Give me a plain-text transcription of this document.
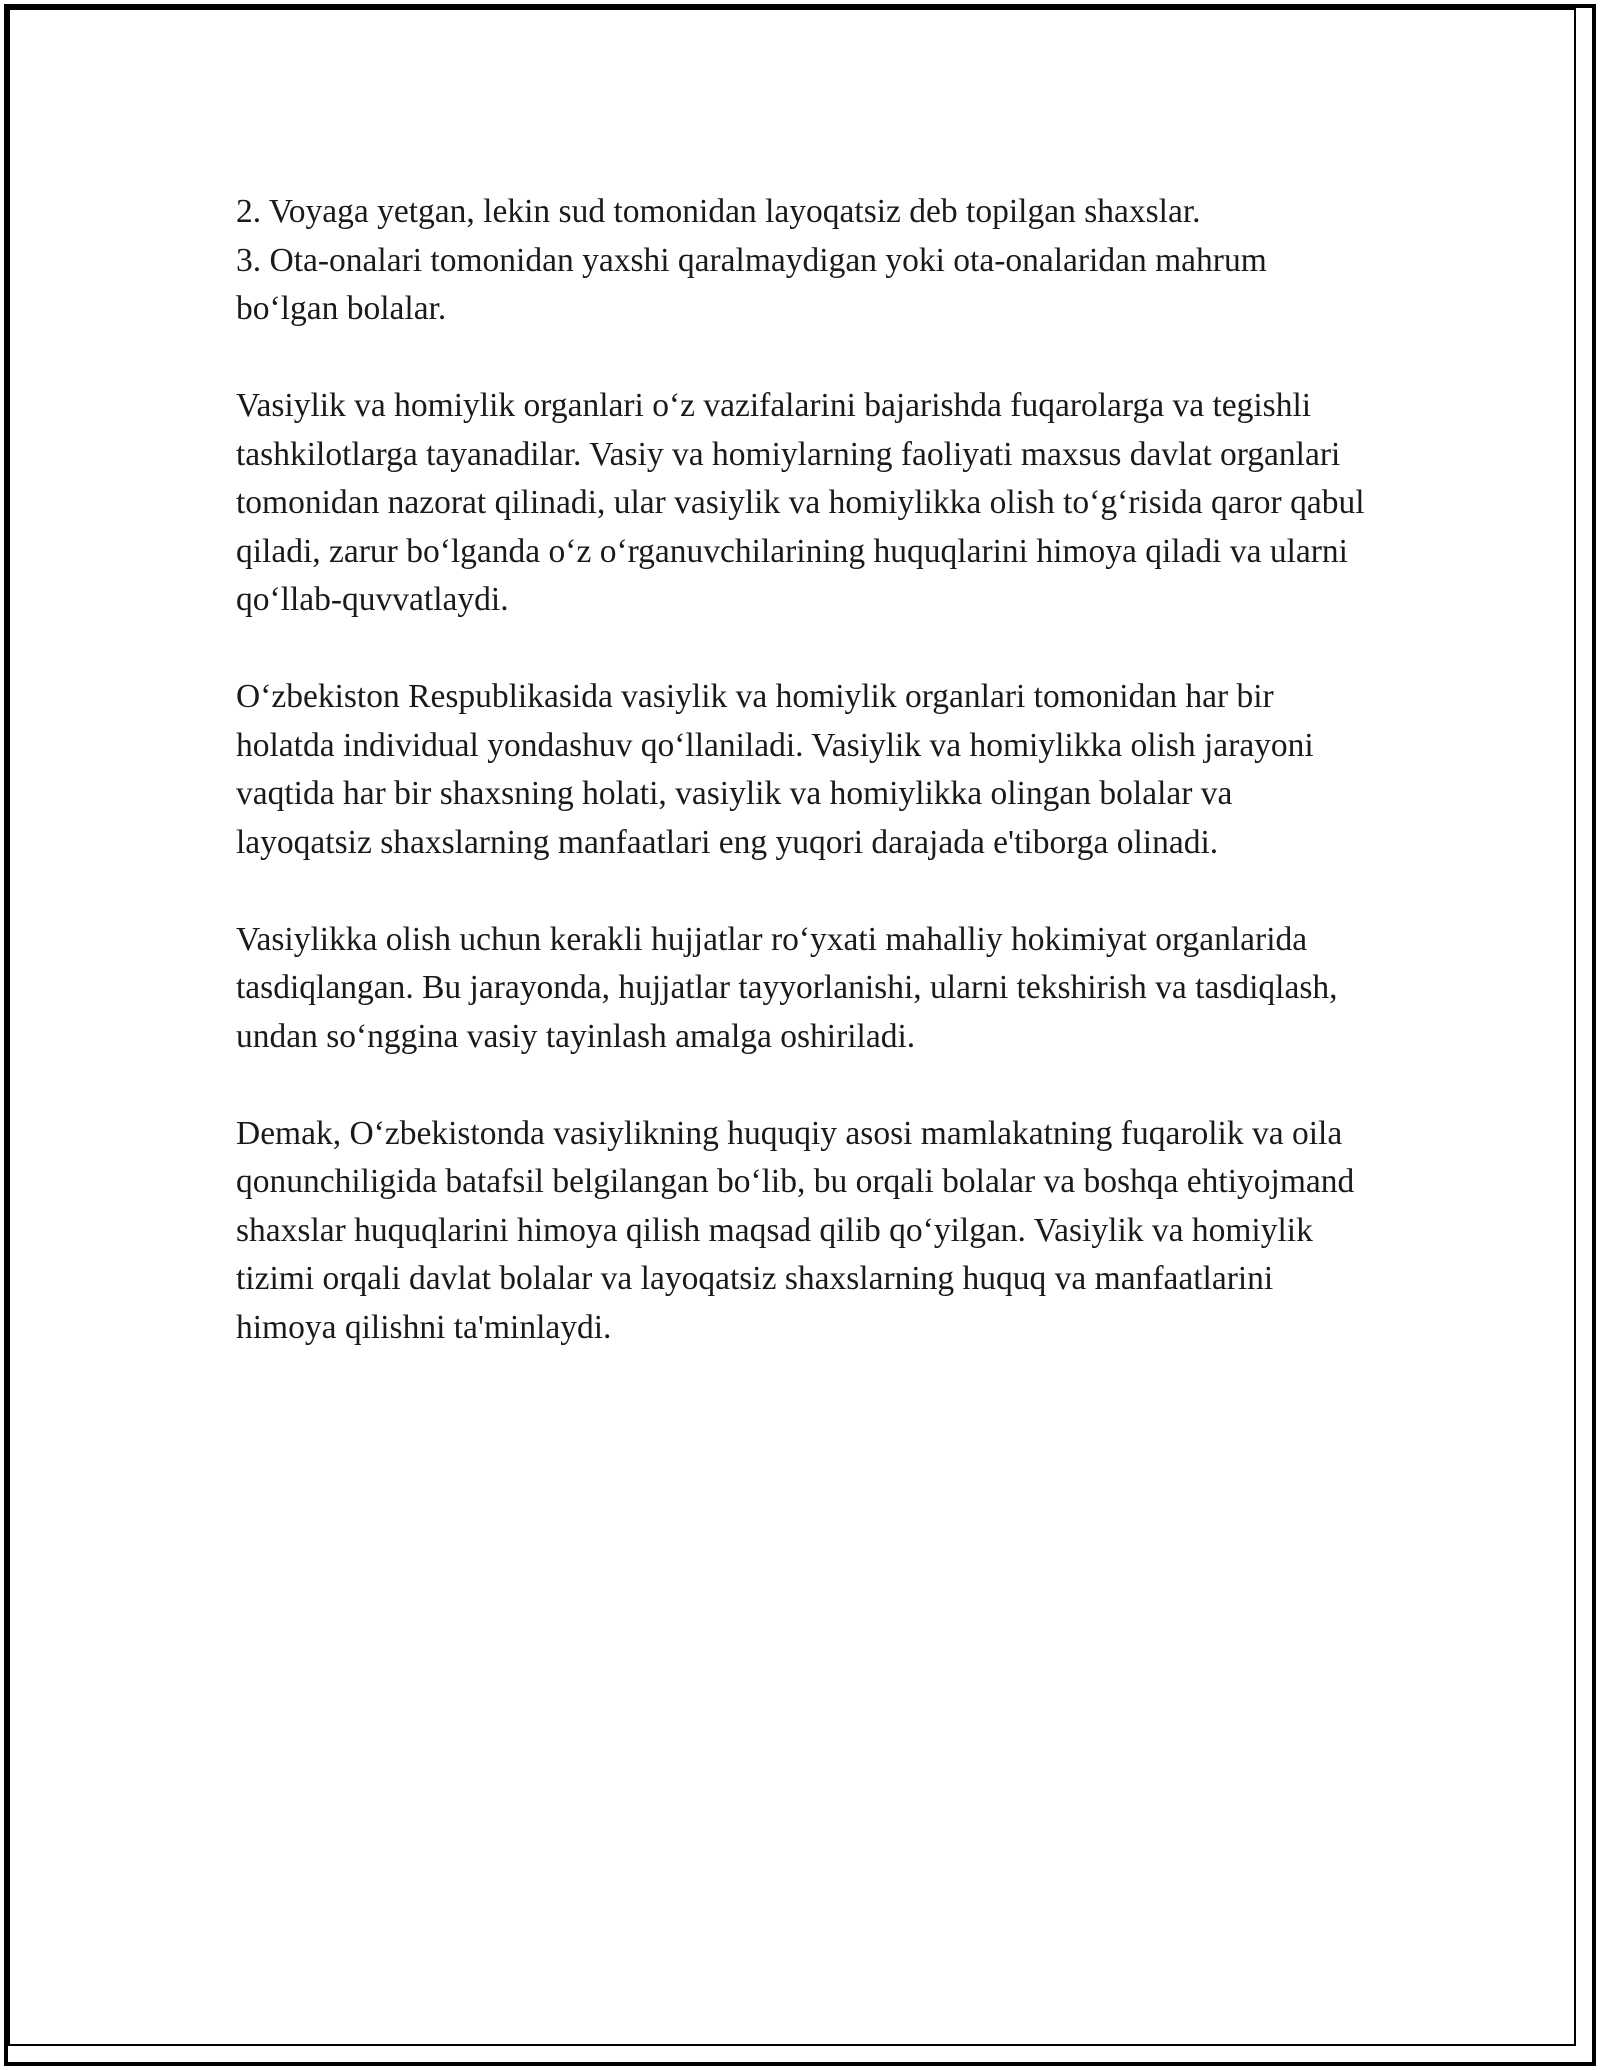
2. Voyaga yetgan, lekin sud tomonidan layoqatsiz deb topilgan shaxslar.

3. Ota-onalari tomonidan yaxshi qaralmaydigan yoki ota-onalaridan mahrum bo‘lgan bolalar.

Vasiylik va homiylik organlari o‘z vazifalarini bajarishda fuqarolarga va tegishli tashkilotlarga tayanadilar. Vasiy va homiylarning faoliyati maxsus davlat organlari tomonidan nazorat qilinadi, ular vasiylik va homiylikka olish to‘g‘risida qaror qabul qiladi, zarur bo‘lganda o‘z o‘rganuvchilarining huquqlarini himoya qiladi va ularni qo‘llab-quvvatlaydi.

O‘zbekiston Respublikasida vasiylik va homiylik organlari tomonidan har bir holatda individual yondashuv qo‘llaniladi. Vasiylik va homiylikka olish jarayoni vaqtida har bir shaxsning holati, vasiylik va homiylikka olingan bolalar va layoqatsiz shaxslarning manfaatlari eng yuqori darajada e'tiborga olinadi.

Vasiylikka olish uchun kerakli hujjatlar ro‘yxati mahalliy hokimiyat organlarida tasdiqlangan. Bu jarayonda, hujjatlar tayyorlanishi, ularni tekshirish va tasdiqlash, undan so‘nggina vasiy tayinlash amalga oshiriladi.

Demak, O‘zbekistonda vasiylikning huquqiy asosi mamlakatning fuqarolik va oila qonunchiligida batafsil belgilangan bo‘lib, bu orqali bolalar va boshqa ehtiyojmand shaxslar huquqlarini himoya qilish maqsad qilib qo‘yilgan. Vasiylik va homiylik tizimi orqali davlat bolalar va layoqatsiz shaxslarning huquq va manfaatlarini himoya qilishni ta'minlaydi.
